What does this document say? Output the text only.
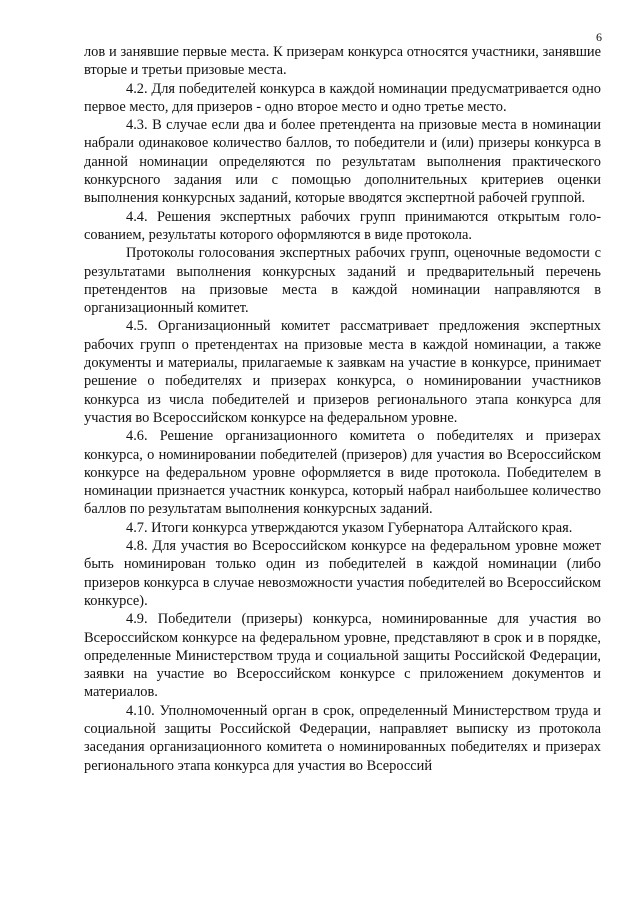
6

лов и занявшие первые места. К призерам конкурса относятся участники, занявшие вторые и третьи призовые места.

4.2. Для победителей конкурса в каждой номинации предусматривается одно первое место, для призеров - одно второе место и одно третье место.

4.3. В случае если два и более претендента на призовые места в номинации набрали одинаковое количество баллов, то победители и (или) призеры конкурса в данной номинации определяются по результатам выполнения практического конкурсного задания или с помощью дополнительных критериев оценки выполнения конкурсных заданий, которые вводятся экспертной рабочей группой.

4.4. Решения экспертных рабочих групп принимаются открытым голосованием, результаты которого оформляются в виде протокола.

Протоколы голосования экспертных рабочих групп, оценочные ведомости с результатами выполнения конкурсных заданий и предварительный перечень претендентов на призовые места в каждой номинации направляются в организационный комитет.

4.5. Организационный комитет рассматривает предложения экспертных рабочих групп о претендентах на призовые места в каждой номинации, а также документы и материалы, прилагаемые к заявкам на участие в конкурсе, принимает решение о победителях и призерах конкурса, о номинировании участников конкурса из числа победителей и призеров регионального этапа конкурса для участия во Всероссийском конкурсе на федеральном уровне.

4.6. Решение организационного комитета о победителях и призерах конкурса, о номинировании победителей (призеров) для участия во Всероссийском конкурсе на федеральном уровне оформляется в виде протокола. Победителем в номинации признается участник конкурса, который набрал наибольшее количество баллов по результатам выполнения конкурсных заданий.

4.7. Итоги конкурса утверждаются указом Губернатора Алтайского края.

4.8. Для участия во Всероссийском конкурсе на федеральном уровне может быть номинирован только один из победителей в каждой номинации (либо призеров конкурса в случае невозможности участия победителей во Всероссийском конкурсе).

4.9. Победители (призеры) конкурса, номинированные для участия во Всероссийском конкурсе на федеральном уровне, представляют в срок и в порядке, определенные Министерством труда и социальной защиты Российской Федерации, заявки на участие во Всероссийском конкурсе с приложением документов и материалов.

4.10. Уполномоченный орган в срок, определенный Министерством труда и социальной защиты Российской Федерации, направляет выписку из протокола заседания организационного комитета о номинированных победителях и призерах регионального этапа конкурса для участия во Всероссий
